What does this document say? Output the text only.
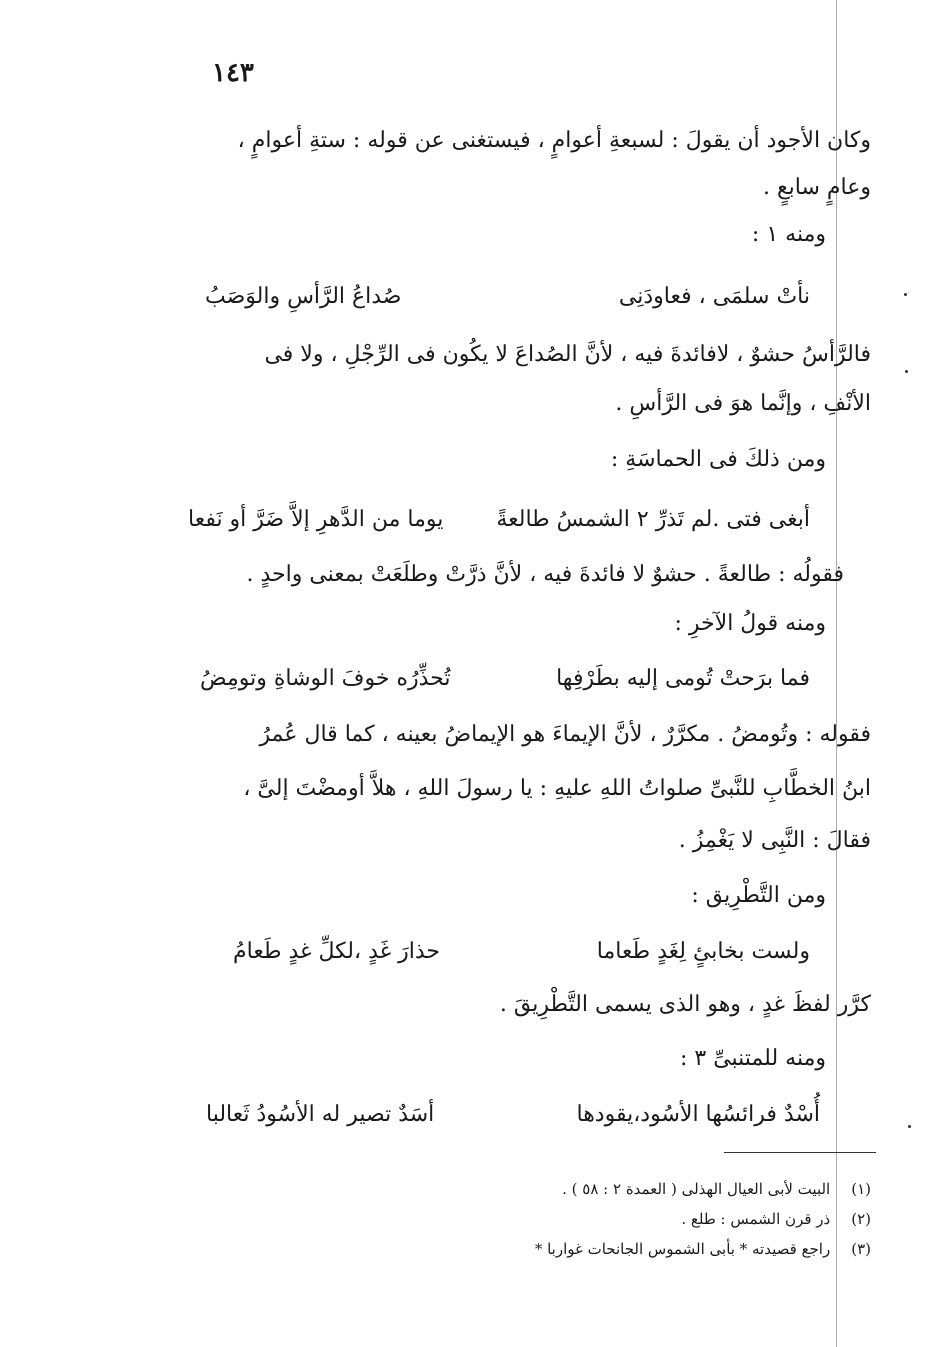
١٤٣
وكان الأجود أن يقولَ : لسبعةِ أعوامٍ ، فيستغنى عن قوله : ستةِ أعوامٍ ،
وعامٍ سابعٍ .
ومنه ١ :
نأتْ سلمَى ، فعاودَنِى
صُداعُ الرَّأسِ والوَصَبُ
فالرَّأسُ حشوٌ ، لافائدةَ فيه ، لأنَّ الصُداعَ لا يكُون فى الرِّجْلِ ، ولا فى
الأنْفِ ، وإنَّما هوَ فى الرَّأسِ .
ومن ذلكَ فى الحماسَةِ :
أبغى فتى .لم تَذرِّ ٢ الشمسُ طالعةً
يوما من الدَّهرِ إلاَّ ضَرَّ أو نَفعا
فقولُه : طالعةً . حشوٌ لا فائدةَ فيه ، لأنَّ ذرَّتْ وطلَعَتْ بمعنى واحدٍ .
ومنه قولُ الآخرِ :
فما برَحتْ تُومى إليه بطَرْفِها
تُحذِّرُه خوفَ الوشاةِ وتومِضُ
فقوله : وتُومضُ . مكرَّرٌ ، لأنَّ الإيماءَ هو الإيماضُ بعينه ، كما قال عُمرُ
ابنُ الخطَّابِ للنَّبىِّ صلواتُ اللهِ عليهِ : يا رسولَ اللهِ ، هلاَّ أومضْتَ إلىَّ ،
فقالَ : النَّبِى لا يَغْمِزُ .
ومن التَّطْرِيق :
ولست بخابئٍ لِغَدٍ طَعاما
حذارَ غَدٍ ،لكلِّ غدٍ طَعامُ
كرَّر لفظَ غدٍ ، وهو الذى يسمى التَّطْرِيقَ .
ومنه للمتنبىِّ ٣ :
أُسْدٌ فرائسُها الأسُود،يقودها
أسَدٌ تصير له الأسُودُ ثَعالبا
(١) البيت لأبى العيال الهذلى ( العمدة ٢ : ٥٨ ) .
(٢) ذر قرن الشمس : طلع .
(٣) راجع قصيدته * بأبى الشموس الجانحات غواربا *
